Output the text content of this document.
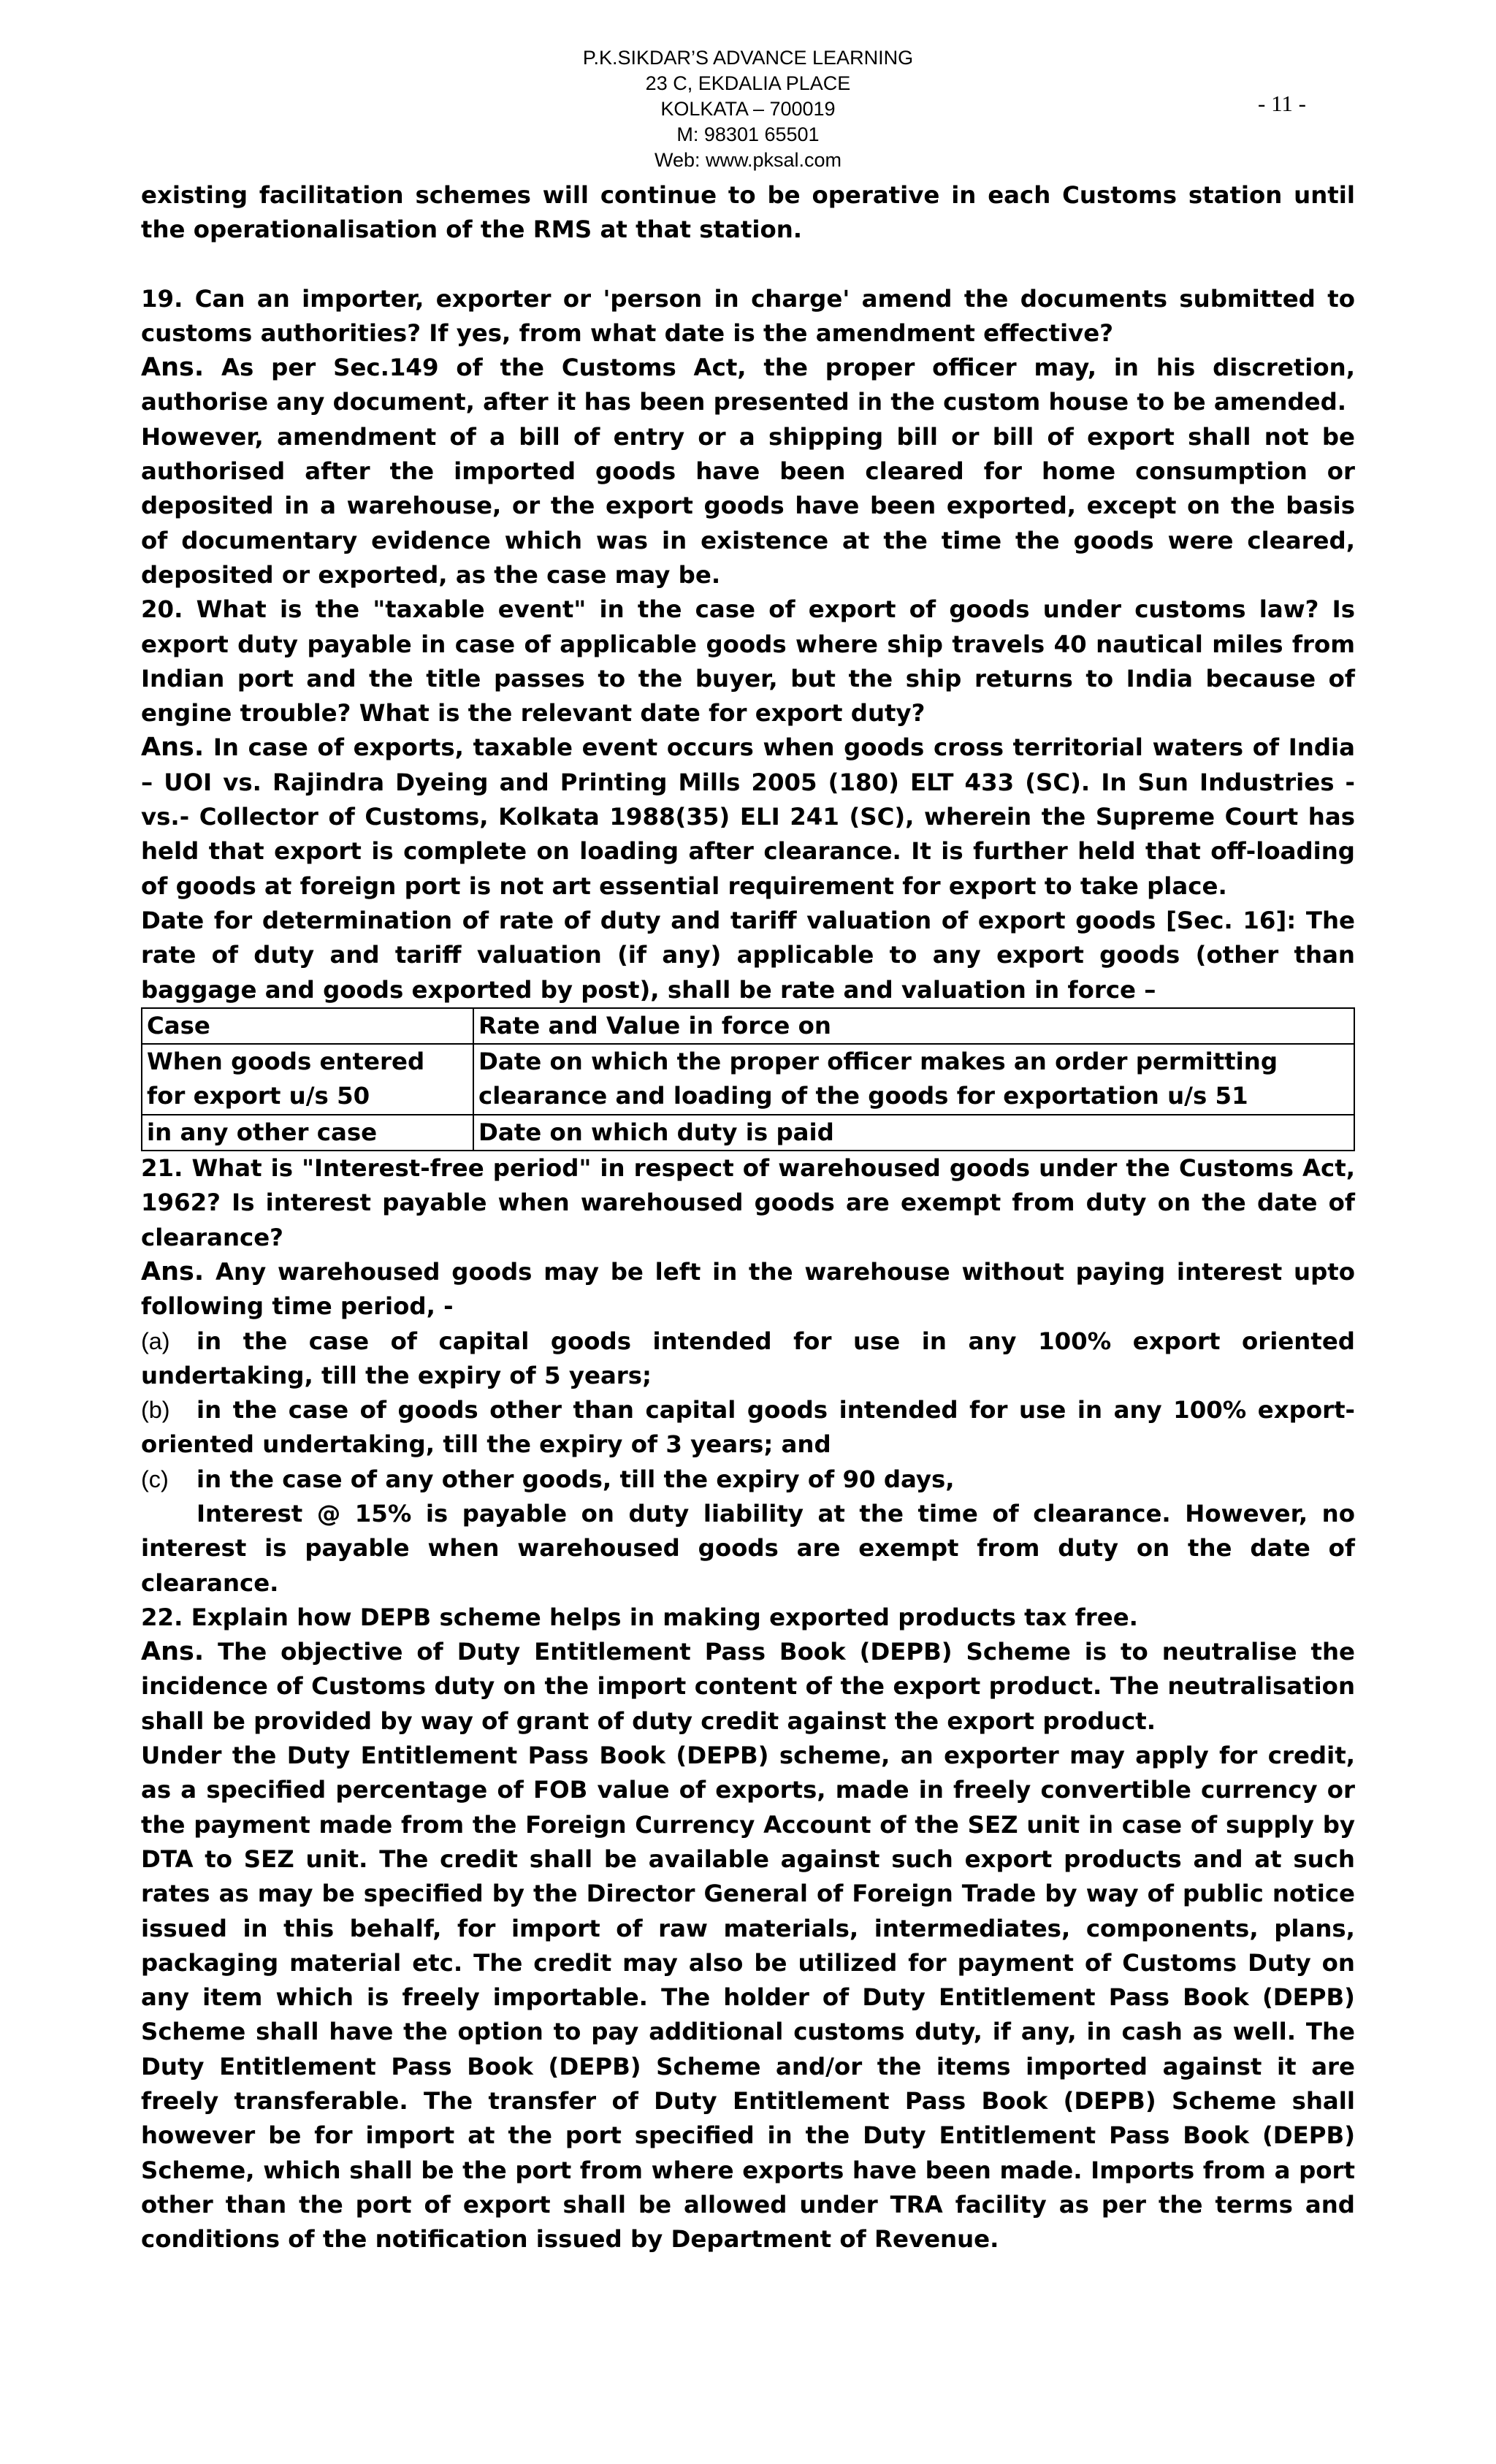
P.K.SIKDAR’S ADVANCE LEARNING
23 C, EKDALIA PLACE
KOLKATA – 700019
M: 98301 65501
Web: www.pksal.com
- 11 -

existing facilitation schemes will continue to be operative in each Customs station until the operationalisation of the RMS at that station.

19. Can an importer, exporter or 'person in charge' amend the documents submitted to customs authorities? If yes, from what date is the amendment effective?

Ans. As per Sec.149 of the Customs Act, the proper officer may, in his discretion, authorise any document, after it has been presented in the custom house to be amended.

However, amendment of a bill of entry or a shipping bill or bill of export shall not be authorised after the imported goods have been cleared for home consumption or deposited in a warehouse, or the export goods have been exported, except on the basis of documentary evidence which was in existence at the time the goods were cleared, deposited or exported, as the case may be.

20. What is the "taxable event" in the case of export of goods under customs law? Is export duty payable in case of applicable goods where ship travels 40 nautical miles from Indian port and the title passes to the buyer, but the ship returns to India because of engine trouble? What is the relevant date for export duty?

Ans. In case of exports, taxable event occurs when goods cross territorial waters of India – UOI vs. Rajindra Dyeing and Printing Mills 2005 (180) ELT 433 (SC). In Sun Industries -vs.- Collector of Customs, Kolkata 1988(35) ELI 241 (SC), wherein the Supreme Court has held that export is complete on loading after clearance. It is further held that off-loading of goods at foreign port is not art essential requirement for export to take place.

Date for determination of rate of duty and tariff valuation of export goods [Sec. 16]: The rate of duty and tariff valuation (if any) applicable to any export goods (other than baggage and goods exported by post), shall be rate and valuation in force –

Case	Rate and Value in force on
When goods entered for export u/s 50	Date on which the proper officer makes an order permitting clearance and loading of the goods for exportation u/s 51
in any other case	Date on which duty is paid

21. What is "Interest-free period" in respect of warehoused goods under the Customs Act, 1962? Is interest payable when warehoused goods are exempt from duty on the date of clearance?

Ans. Any warehoused goods may be left in the warehouse without paying interest upto following time period, -

(a) in the case of capital goods intended for use in any 100% export oriented undertaking, till the expiry of 5 years;

(b) in the case of goods other than capital goods intended for use in any 100% export-oriented undertaking, till the expiry of 3 years; and

(c) in the case of any other goods, till the expiry of 90 days,

Interest @ 15% is payable on duty liability at the time of clearance. However, no interest is payable when warehoused goods are exempt from duty on the date of clearance.

22. Explain how DEPB scheme helps in making exported products tax free.

Ans. The objective of Duty Entitlement Pass Book (DEPB) Scheme is to neutralise the incidence of Customs duty on the import content of the export product. The neutralisation shall be provided by way of grant of duty credit against the export product.

Under the Duty Entitlement Pass Book (DEPB) scheme, an exporter may apply for credit, as a specified percentage of FOB value of exports, made in freely convertible currency or the payment made from the Foreign Currency Account of the SEZ unit in case of supply by DTA to SEZ unit. The credit shall be available against such export products and at such rates as may be specified by the Director General of Foreign Trade by way of public notice issued in this behalf, for import of raw materials, intermediates, components, plans, packaging material etc. The credit may also be utilized for payment of Customs Duty on any item which is freely importable. The holder of Duty Entitlement Pass Book (DEPB) Scheme shall have the option to pay additional customs duty, if any, in cash as well. The Duty Entitlement Pass Book (DEPB) Scheme and/or the items imported against it are freely transferable. The transfer of Duty Entitlement Pass Book (DEPB) Scheme shall however be for import at the port specified in the Duty Entitlement Pass Book (DEPB) Scheme, which shall be the port from where exports have been made. Imports from a port other than the port of export shall be allowed under TRA facility as per the terms and conditions of the notification issued by Department of Revenue.
